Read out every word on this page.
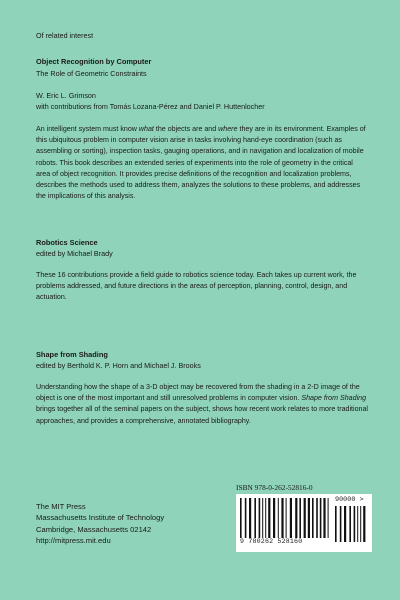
Of related interest
Object Recognition by Computer
The Role of Geometric Constraints
W. Eric L. Grimson
with contributions from Tomás Lozana-Pérez and Daniel P. Huttenlocher
An intelligent system must know what the objects are and where they are in its environment. Examples of this ubiquitous problem in computer vision arise in tasks involving hand-eye coordination (such as assembling or sorting), inspection tasks, gauging operations, and in navigation and localization of mobile robots. This book describes an extended series of experiments into the role of geometry in the critical area of object recognition. It provides precise definitions of the recognition and localization problems, describes the methods used to address them, analyzes the solutions to these problems, and addresses the implications of this analysis.
Robotics Science
edited by Michael Brady
These 16 contributions provide a field guide to robotics science today. Each takes up current work, the problems addressed, and future directions in the areas of perception, planning, control, design, and actuation.
Shape from Shading
edited by Berthold K. P. Horn and Michael J. Brooks
Understanding how the shape of a 3-D object may be recovered from the shading in a 2-D image of the object is one of the most important and still unresolved problems in computer vision. Shape from Shading brings together all of the seminal papers on the subject, shows how recent work relates to more traditional approaches, and provides a comprehensive, annotated bibliography.
The MIT Press
Massachusetts Institute of Technology
Cambridge, Massachusetts 02142
http://mitpress.mit.edu
ISBN 978-0-262-52816-0
9 780262 528160
90000 >
